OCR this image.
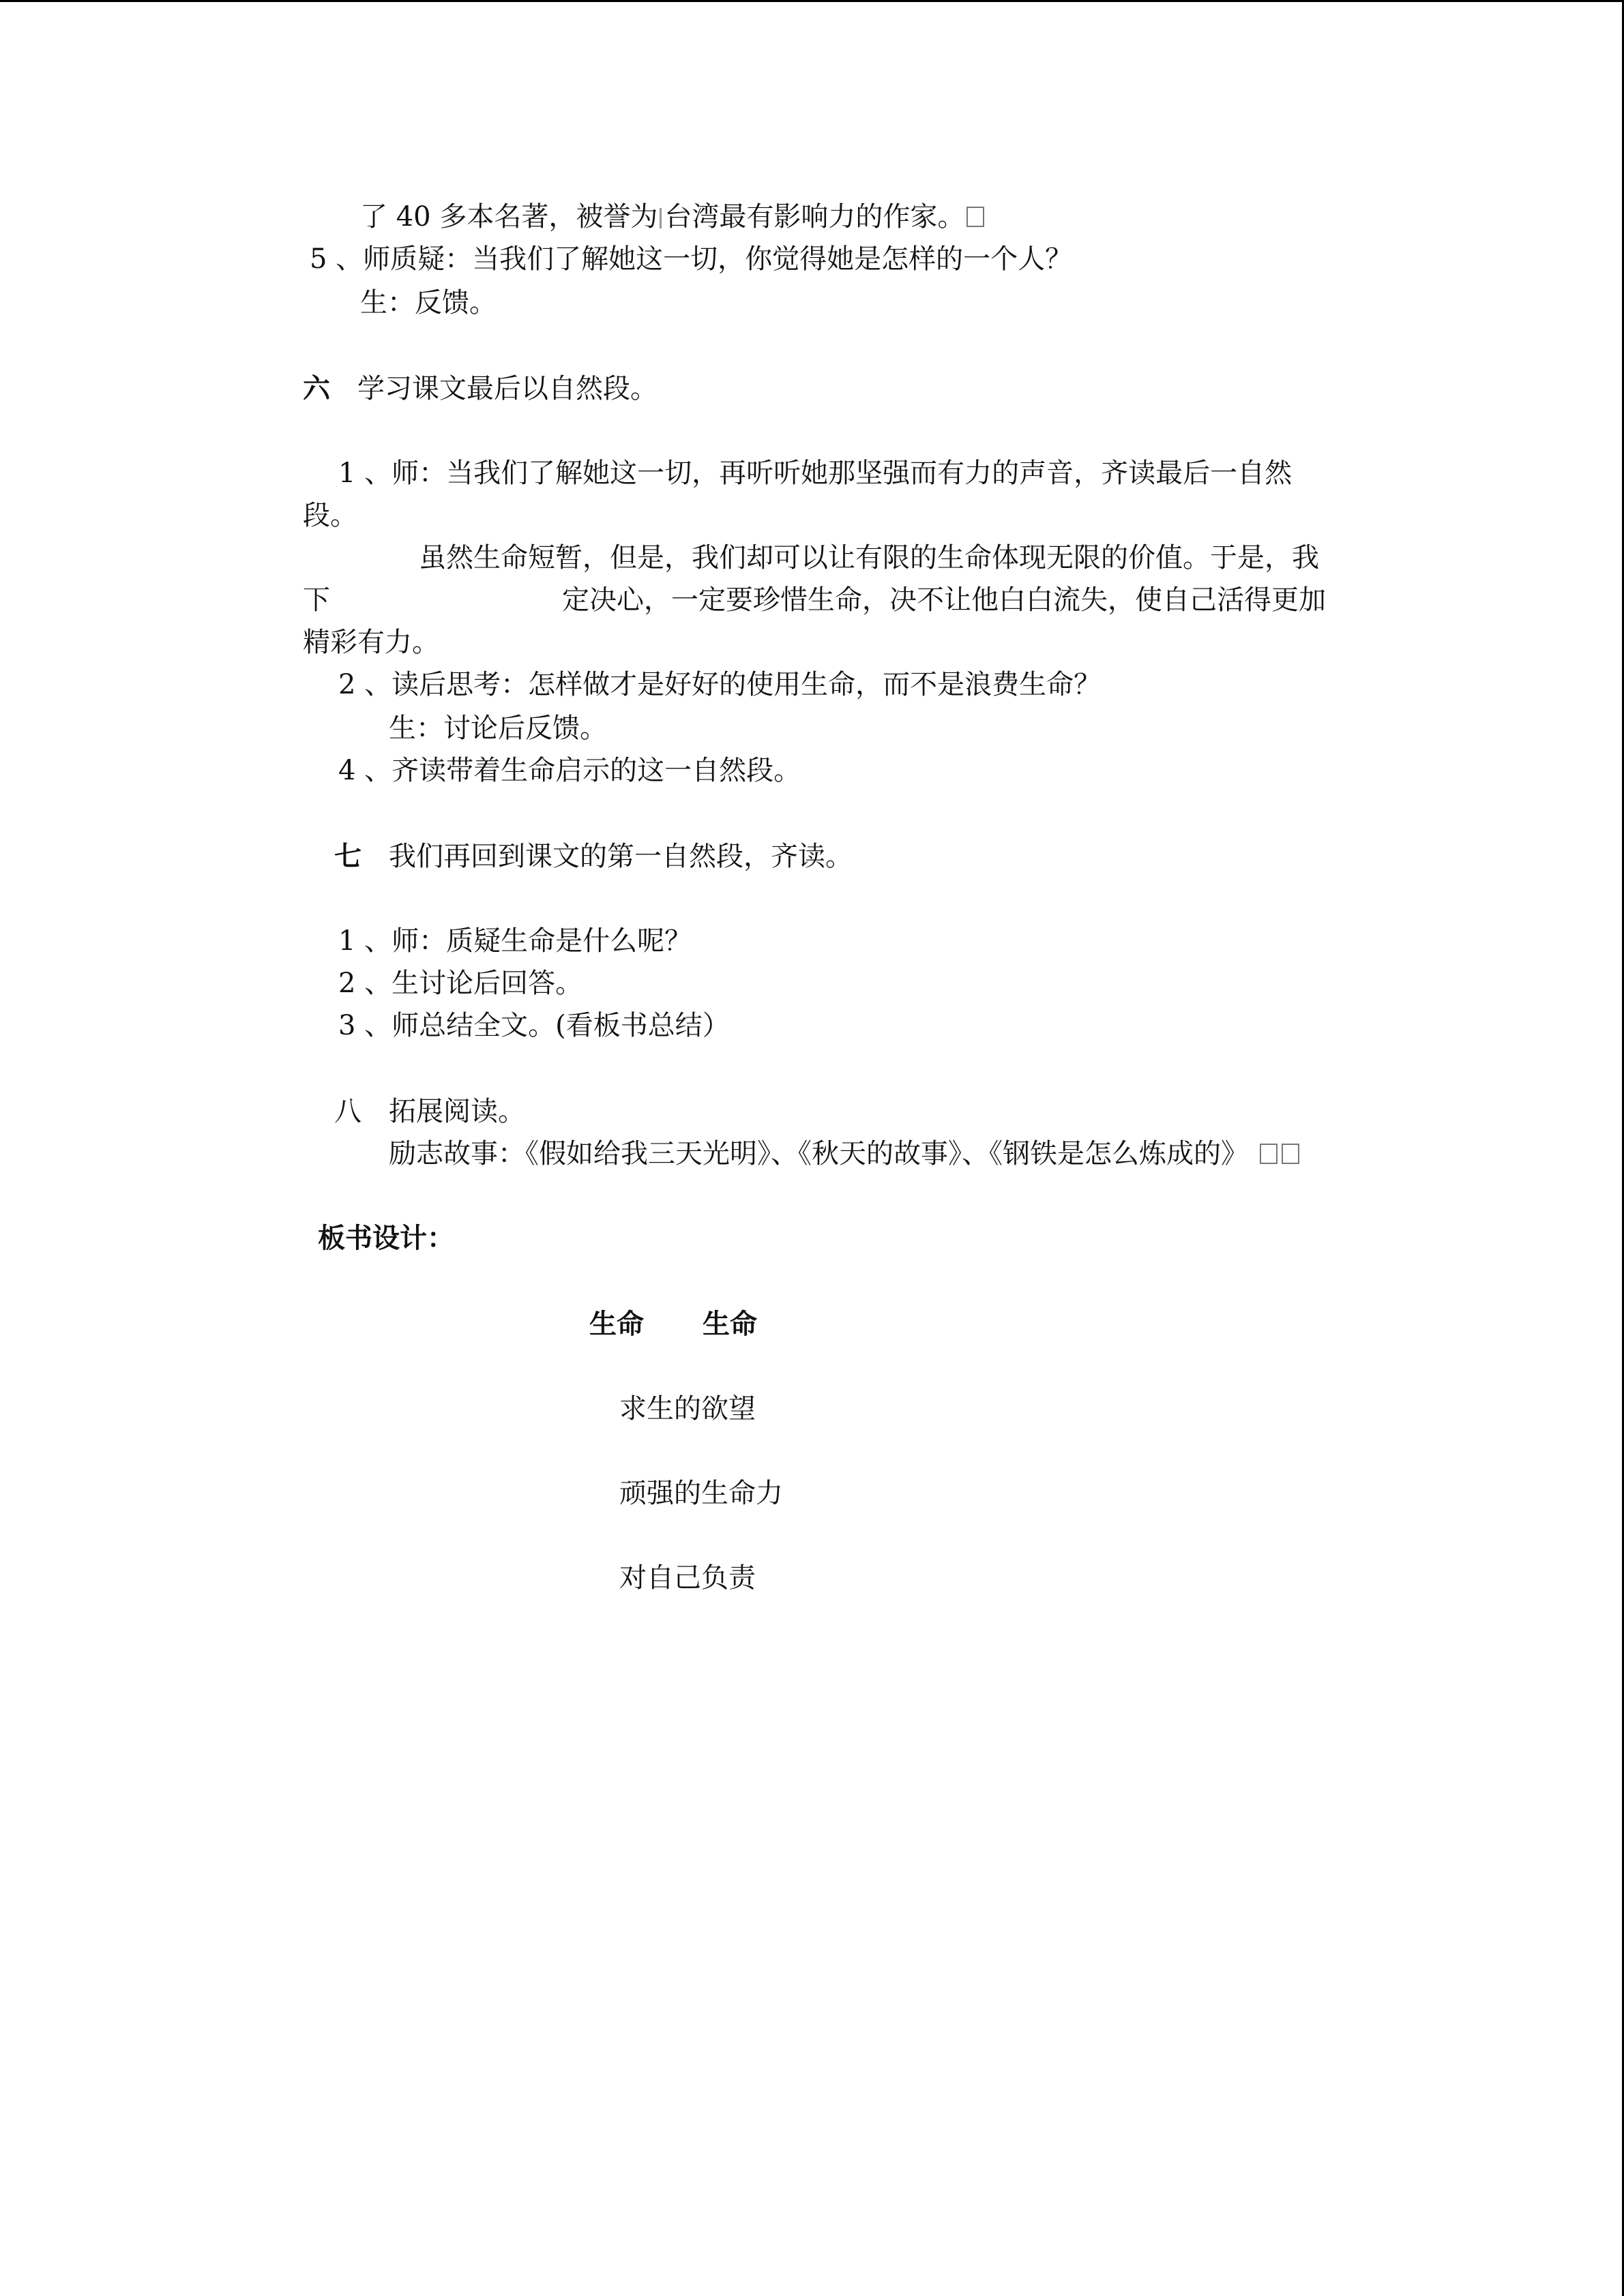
了 40 多本名著，被誉为 台湾最有影响力的作家。
5 、师质疑：当我们了解她这一切，你觉得她是怎样的一个人？
生：反馈。
六 学习课文最后以自然段。
1 、师：当我们了解她这一切，再听听她那坚强而有力的声音，齐读最后一自然
段。
虽然生命短暂，但是，我们却可以让有限的生命体现无限的价值。于是，我
下	定决心，一定要珍惜生命，决不让他白白流失，使自己活得更加
精彩有力。
2 、读后思考：怎样做才是好好的使用生命，而不是浪费生命？
生：讨论后反馈。
4 、齐读带着生命启示的这一自然段。
七 我们再回到课文的第一自然段，齐读。
1 、师：质疑生命是什么呢？
2 、生讨论后回答。
3 、师总结全文。(看板书总结）
八 拓展阅读。
励志故事：《假如给我三天光明》、《秋天的故事》、《钢铁是怎么炼成的》
板书设计：
生命 生命
求生的欲望
顽强的生命力
对自己负责
